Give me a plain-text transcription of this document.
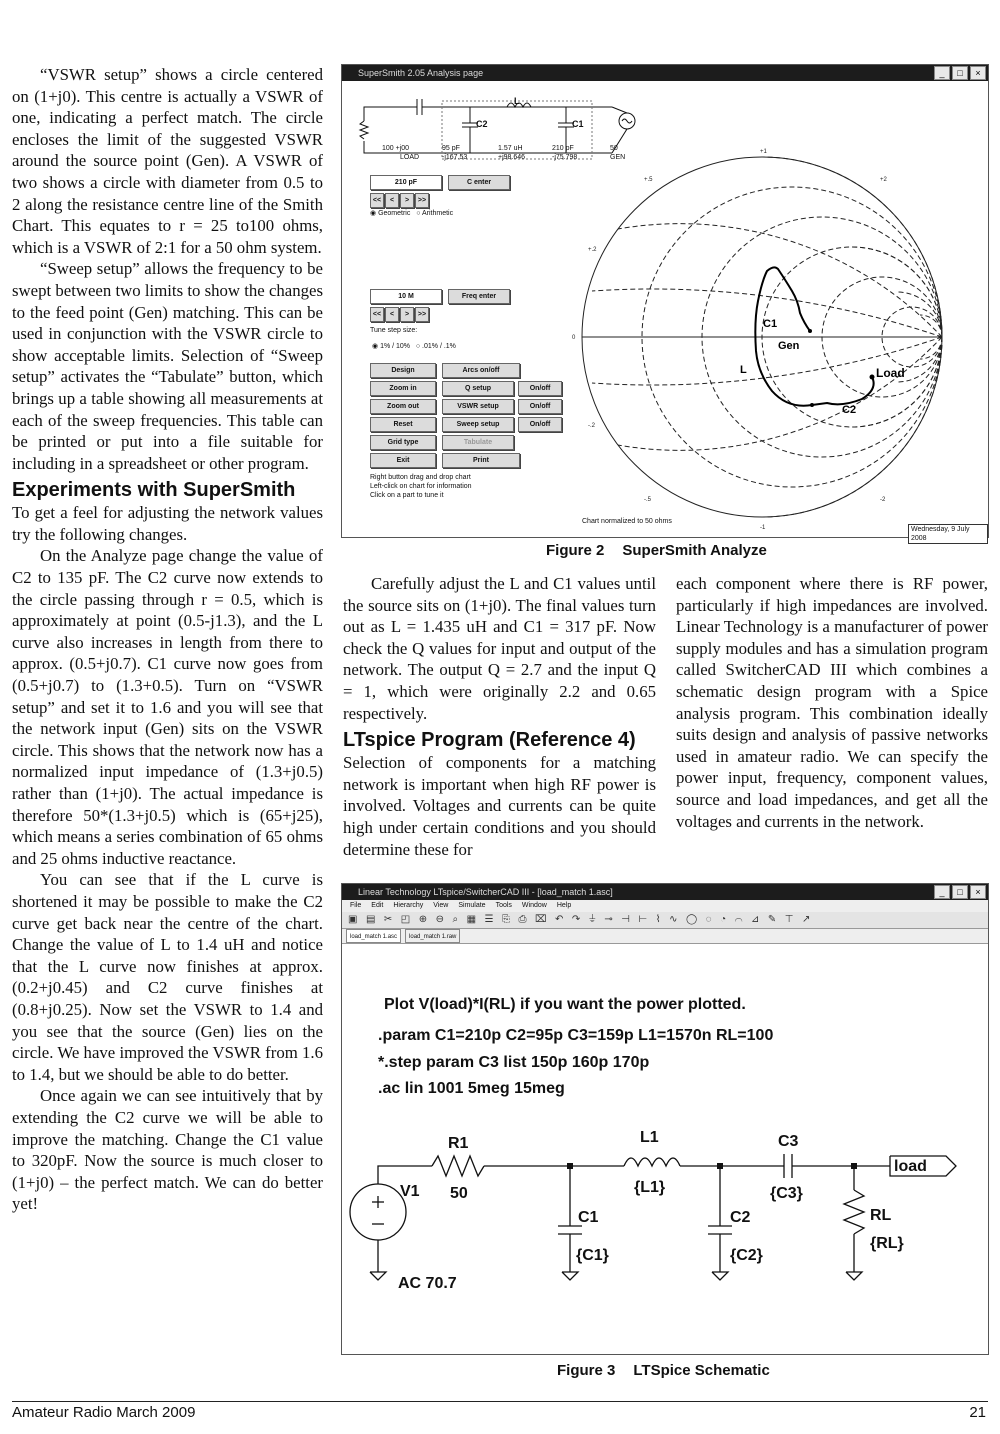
“VSWR setup” shows a circle centered on (1+j0). This centre is actually a VSWR of one, indicating a perfect match. The circle encloses the limit of the suggested VSWR around the source point (Gen). A VSWR of two shows a circle with diameter from 0.5 to 2 along the resistance centre line of the Smith Chart. This equates to r = 25 to100 ohms, which is a VSWR of 2:1 for a 50 ohm system.

“Sweep setup” allows the frequency to be swept between two limits to show the changes to the feed point (Gen) matching. This can be used in conjunction with the VSWR circle to show acceptable limits. Selection of “Sweep setup” activates the “Tabulate” button, which brings up a table showing all measurements at each of the sweep frequencies. This table can be printed or put into a file suitable for including in a spreadsheet or other program.

Experiments with SuperSmith

To get a feel for adjusting the network values try the following changes.

On the Analyze page change the value of C2 to 135 pF. The C2 curve now extends to the circle passing through r = 0.5, which is approximately at point (0.5-j1.3), and the L curve also increases in length from there to approx. (0.5+j0.7). C1 curve now goes from (0.5+j0.7) to (1.3+0.5). Turn on “VSWR setup” and set it to 1.6 and you will see that the network input (Gen) sits on the VSWR circle. This shows that the network now has a normalized input impedance of (1.3+j0.5) rather than (1+j0). The actual impedance is therefore 50*(1.3+j0.5) which is (65+j25), which means a series combination of 65 ohms and 25 ohms inductive reactance.

You can see that if the L curve is shortened it may be possible to make the C2 curve get back near the centre of the chart. Change the value of L to 1.4 uH and notice that the L curve now finishes at approx. (0.2+j0.45) and C2 curve finishes at (0.8+j0.25). Now set the VSWR to 1.4 and you see that the source (Gen) lies on the circle. We have improved the VSWR from 1.6 to 1.4, but we should be able to do better.

Once again we can see intuitively that by extending the C2 curve we will be able to improve the matching. Change the C1 value to 320pF. Now the source is much closer to (1+j0) – the perfect match. We can do better yet!

Carefully adjust the L and C1 values until the source sits on (1+j0). The final values turn out as L = 1.435 uH and C1 = 317 pF. Now check the Q values for input and output of the network. The output Q = 2.7 and the input Q = 1, which were originally 2.2 and 0.65 respectively.

LTspice Program (Reference 4)

Selection of components for a matching network is important when high RF power is involved. Voltages and currents can be quite high under certain conditions and you should determine these for

each component where there is RF power, particularly if high impedances are involved. Linear Technology is a manufacturer of power supply modules and has a simulation program called SwitcherCAD III which combines a schematic design program with a Spice analysis program. This combination ideally suits design and analysis of passive networks used in amateur radio. We can specify the power input, frequency, component values, source and load impedances, and get all the voltages and currents in the network.

SuperSmith 2.05 Analysis page	_	□	×
C2
L
C1
100 +j00
LOAD
95 pF
-j167.53
1.57 uH
+j98.646
210 pF
-j75.798
50
GEN
210 pF	C enter
<<	<	>	>>
◉ Geometric   ○ Arithmetic
10 M	Freq enter
<<	<	>	>>
Tune step size:
◉ 1% / 10%   ○ .01% / .1%
Design	Arcs on/off
Zoom in	Q setup	On/off
Zoom out	VSWR setup	On/off
Reset	Sweep setup	On/off
Grid type	Tabulate
Exit	Print
Right button drag and drop chart
Left-click on chart for information
Click on a part to tune it
Gen
Load
C1
C2
L
+1
+.5	+2
+.2
0
-.2
-.5	-2
-1
Chart normalized to 50 ohms
Wednesday, 9 July 2008
Figure 2 SuperSmith Analyze
Linear Technology LTspice/SwitcherCAD III - [load_match 1.asc]	_	□	×
File Edit Hierarchy View Simulate Tools Window Help
▣ ▤ ✂ ◰ ⊕ ⊖ ⌕ ▦ ☰ ⎘ ⎙ ⌧ ↶ ↷ ⏚ ⊸ ⊣ ⊢ ⌇ ∿ ◯ ◌ ◔ ⌒ ⊿ ✎ ⊤ ↗
load_match 1.asc	load_match 1.raw
Plot V(load)*I(RL) if you want the power plotted.
.param C1=210p C2=95p C3=159p L1=1570n RL=100
*.step param C3 list 150p 160p 170p
.ac lin 1001 5meg 15meg
R1
50
L1
{L1}
C3
{C3}
load
V1
AC 70.7
C1
{C1}
C2
{C2}
RL
{RL}
Figure 3 LTSpice Schematic
Amateur Radio March 2009	21
